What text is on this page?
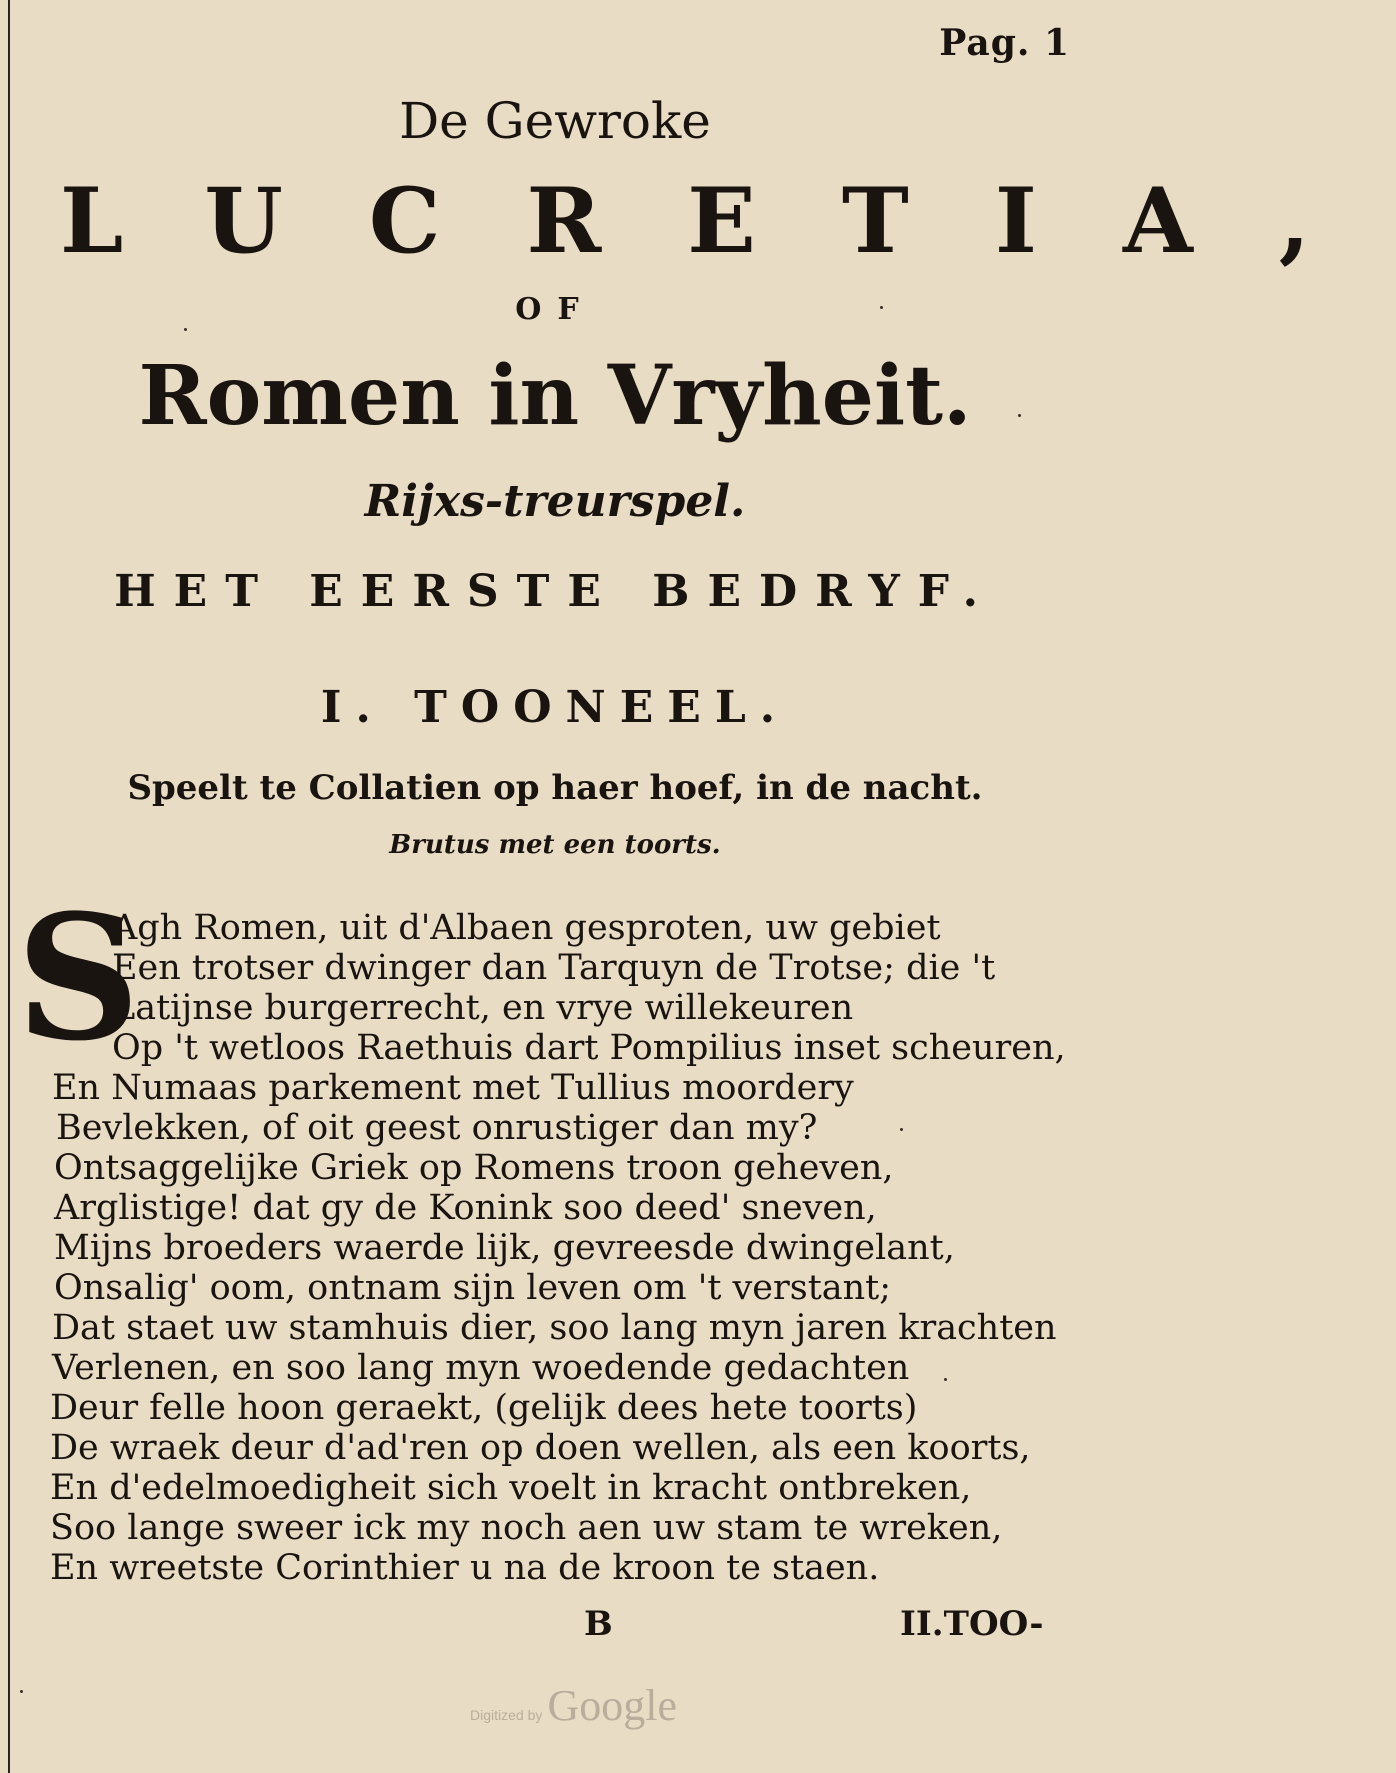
Pag. 1
De Gewroke
LUCRETIA,
OF
Romen in Vryheit.
Rijxs-treurspel.
HET EERSTE BEDRYF.
I. TOONEEL.
Speelt te Collatien op haer hoef, in de nacht.
Brutus met een toorts.
S
Agh Romen, uit d'Albaen gesproten, uw gebiet
Een trotser dwinger dan Tarquyn de Trotse; die 't
Latijnse burgerrecht, en vrye willekeuren
Op 't wetloos Raethuis dart Pompilius inset scheuren,
En Numaas parkement met Tullius moordery
Bevlekken, of oit geest onrustiger dan my?
Ontsaggelijke Griek op Romens troon geheven,
Arglistige! dat gy de Konink soo deed' sneven,
Mijns broeders waerde lijk, gevreesde dwingelant,
Onsalig' oom, ontnam sijn leven om 't verstant;
Dat staet uw stamhuis dier, soo lang myn jaren krachten
Verlenen, en soo lang myn woedende gedachten
Deur felle hoon geraekt, (gelijk dees hete toorts)
De wraek deur d'ad'ren op doen wellen, als een koorts,
En d'edelmoedigheit sich voelt in kracht ontbreken,
Soo lange sweer ick my noch aen uw stam te wreken,
En wreetste Corinthier u na de kroon te staen.
B	II.TOO-
Digitized by Google
